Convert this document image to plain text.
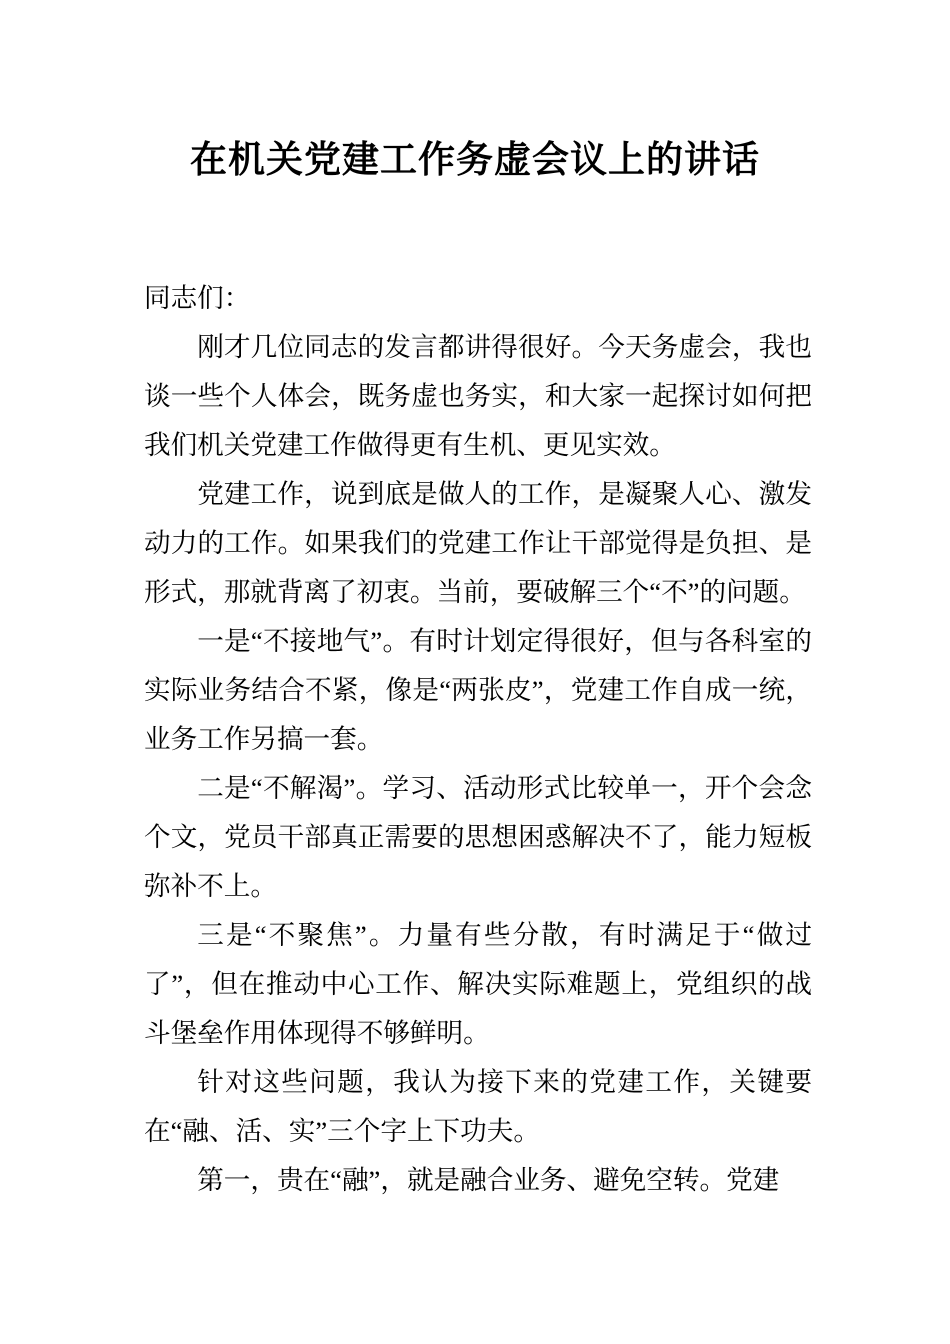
在机关党建工作务虚会议上的讲话

同志们：

刚才几位同志的发言都讲得很好。今天务虚会，我也谈一些个人体会，既务虚也务实，和大家一起探讨如何把我们机关党建工作做得更有生机、更见实效。

党建工作，说到底是做人的工作，是凝聚人心、激发动力的工作。如果我们的党建工作让干部觉得是负担、是形式，那就背离了初衷。当前，要破解三个“不”的问题。

一是“不接地气”。有时计划定得很好，但与各科室的实际业务结合不紧，像是“两张皮”，党建工作自成一统，业务工作另搞一套。

二是“不解渴”。学习、活动形式比较单一，开个会念个文，党员干部真正需要的思想困惑解决不了，能力短板弥补不上。

三是“不聚焦”。力量有些分散，有时满足于“做过了”，但在推动中心工作、解决实际难题上，党组织的战斗堡垒作用体现得不够鲜明。

针对这些问题，我认为接下来的党建工作，关键要在“融、活、实”三个字上下功夫。

第一，贵在“融”，就是融合业务、避免空转。党建
